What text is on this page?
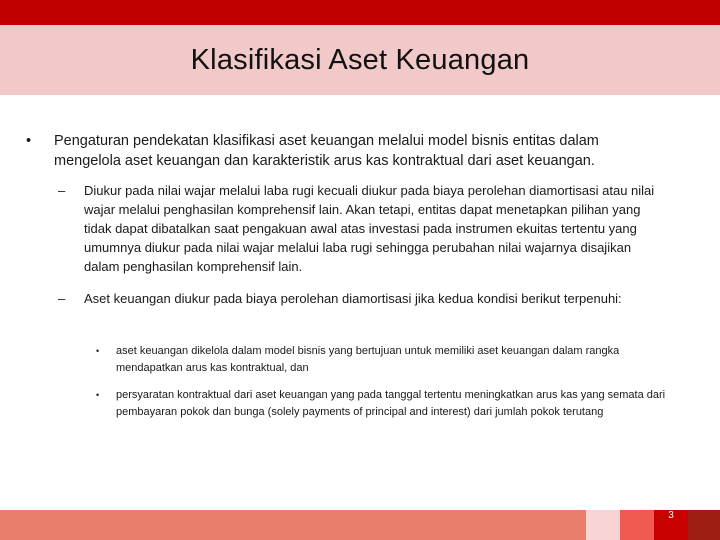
Klasifikasi Aset Keuangan
•	Pengaturan pendekatan klasifikasi aset keuangan melalui model bisnis entitas dalam mengelola aset keuangan dan karakteristik arus kas kontraktual dari aset keuangan.
–	Diukur pada nilai wajar melalui laba rugi kecuali diukur pada biaya perolehan diamortisasi atau nilai wajar melalui penghasilan komprehensif lain. Akan tetapi, entitas dapat menetapkan pilihan yang tidak dapat dibatalkan saat pengakuan awal atas investasi pada instrumen ekuitas tertentu yang umumnya diukur pada nilai wajar melalui laba rugi sehingga perubahan nilai wajarnya disajikan dalam penghasilan komprehensif lain.
–	Aset keuangan diukur pada biaya perolehan diamortisasi jika kedua kondisi berikut terpenuhi:
•	aset keuangan dikelola dalam model bisnis yang bertujuan untuk memiliki aset keuangan dalam rangka mendapatkan arus kas kontraktual, dan
•	persyaratan kontraktual dari aset keuangan yang pada tanggal tertentu meningkatkan arus kas yang semata dari pembayaran pokok dan bunga (solely payments of principal and interest) dari jumlah pokok terutang
3
